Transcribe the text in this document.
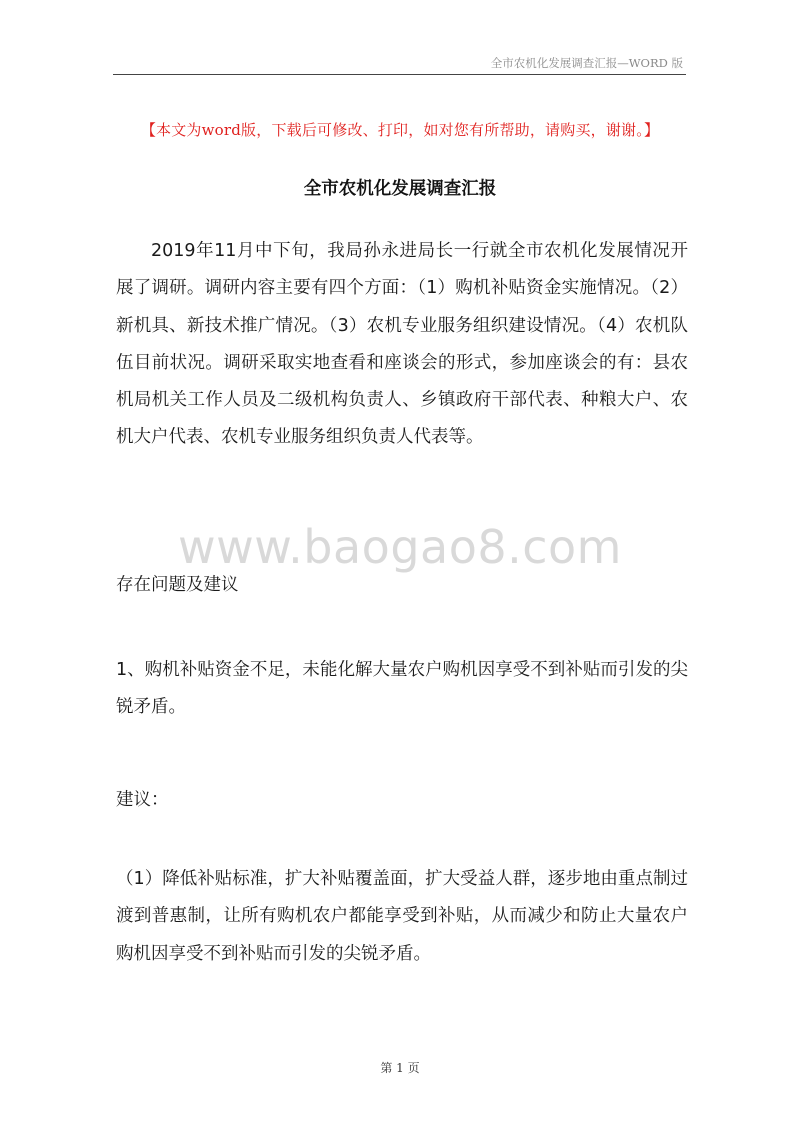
全市农机化发展调查汇报—WORD 版
【本文为word版，下载后可修改、打印，如对您有所帮助，请购买，谢谢。】
全市农机化发展调查汇报
2019年11月中下旬，我局孙永进局长一行就全市农机化发展情况开展了调研。调研内容主要有四个方面：（1）购机补贴资金实施情况。（2）新机具、新技术推广情况。（3）农机专业服务组织建设情况。（4）农机队伍目前状况。调研采取实地查看和座谈会的形式，参加座谈会的有：县农机局机关工作人员及二级机构负责人、乡镇政府干部代表、种粮大户、农机大户代表、农机专业服务组织负责人代表等。
www.baogao8.com
存在问题及建议
1、购机补贴资金不足，未能化解大量农户购机因享受不到补贴而引发的尖锐矛盾。
建议：
（1）降低补贴标准，扩大补贴覆盖面，扩大受益人群，逐步地由重点制过渡到普惠制，让所有购机农户都能享受到补贴，从而减少和防止大量农户购机因享受不到补贴而引发的尖锐矛盾。
第 1 页
